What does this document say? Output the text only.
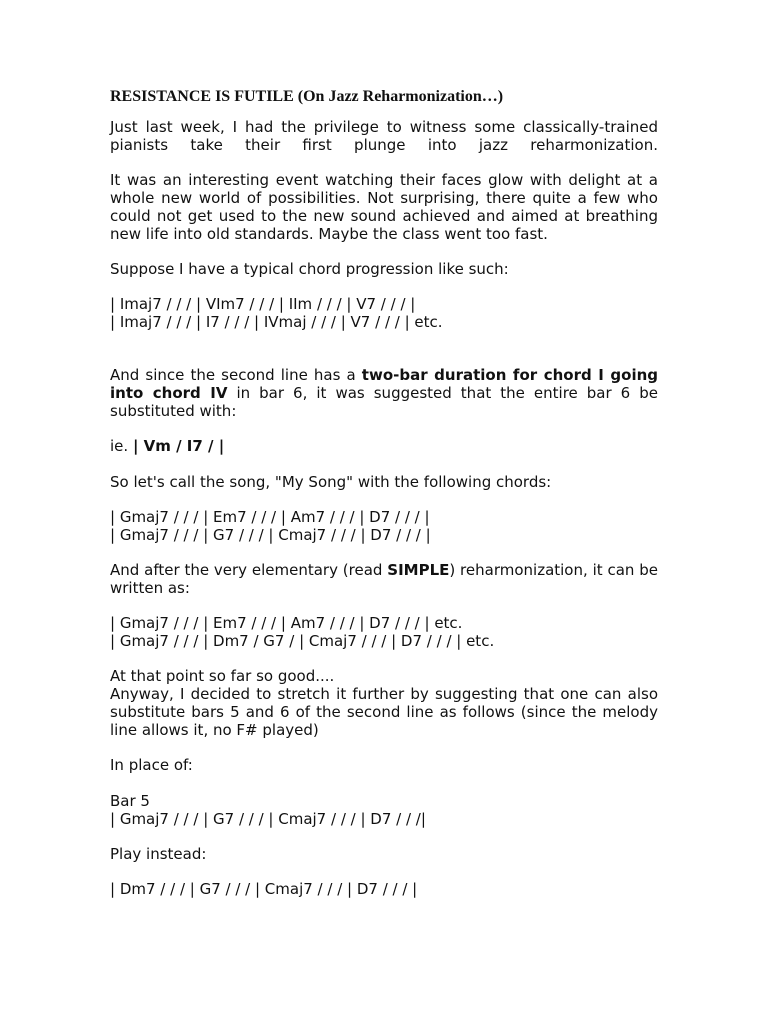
RESISTANCE IS FUTILE (On Jazz Reharmonization…)
Just last week, I had the privilege to witness some classically-trained
pianists take their first plunge into jazz reharmonization.

It was an interesting event watching their faces glow with delight at a whole new world of possibilities. Not surprising, there quite a few who could not get used to the new sound achieved and aimed at breathing new life into old standards. Maybe the class went too fast.

Suppose I have a typical chord progression like such:

| Imaj7 / / / | VIm7 / / / | IIm / / / | V7 / / / |
| Imaj7 / / / | I7 / / / | IVmaj / / / | V7 / / / | etc.

And since the second line has a two-bar duration for chord I going into chord IV in bar 6, it was suggested that the entire bar 6 be substituted with:

ie. | Vm / I7 / |

So let's call the song, "My Song" with the following chords:

| Gmaj7 / / / | Em7 / / / | Am7 / / / | D7 / / / |
| Gmaj7 / / / | G7 / / / | Cmaj7 / / / | D7 / / / |

And after the very elementary (read SIMPLE) reharmonization, it can be written as:

| Gmaj7 / / / | Em7 / / / | Am7 / / / | D7 / / / | etc.
| Gmaj7 / / / | Dm7 / G7 / | Cmaj7 / / / | D7 / / / | etc.
At that point so far so good....
Anyway, I decided to stretch it further by suggesting that one can also substitute bars 5 and 6 of the second line as follows (since the melody line allows it, no F# played)

In place of:

Bar 5
| Gmaj7 / / / | G7 / / / | Cmaj7 / / / | D7 / / /|

Play instead:

| Dm7 / / / | G7 / / / | Cmaj7 / / / | D7 / / / |
